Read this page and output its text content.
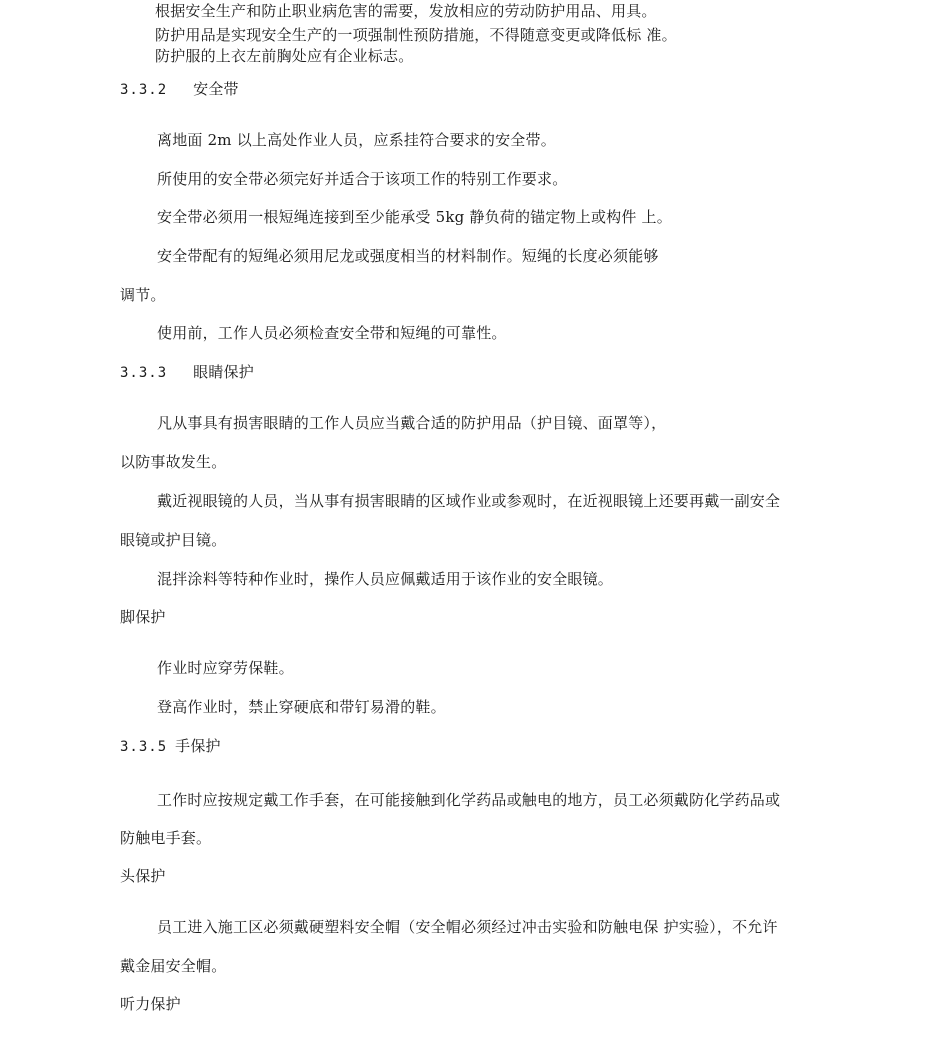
根据安全生产和防止职业病危害的需要，发放相应的劳动防护用品、用具。
防护用品是实现安全生产的一项强制性预防措施，不得随意变更或降低标 准。
防护服的上衣左前胸处应有企业标志。
3.3.2 安全带
离地面 2m 以上高处作业人员，应系挂符合要求的安全带。
所使用的安全带必须完好并适合于该项工作的特别工作要求。
安全带必须用一根短绳连接到至少能承受 5kg 静负荷的锚定物上或构件 上。
安全带配有的短绳必须用尼龙或强度相当的材料制作。短绳的长度必须能够
调节。
使用前，工作人员必须检查安全带和短绳的可靠性。
3.3.3 眼睛保护
凡从事具有损害眼睛的工作人员应当戴合适的防护用品（护目镜、面罩等），
以防事故发生。
戴近视眼镜的人员，当从事有损害眼睛的区域作业或参观时，在近视眼镜上还要再戴一副安全
眼镜或护目镜。
混拌涂料等特种作业时，操作人员应佩戴适用于该作业的安全眼镜。
脚保护
作业时应穿劳保鞋。
登高作业时，禁止穿硬底和带钉易滑的鞋。
3.3.5 手保护
工作时应按规定戴工作手套，在可能接触到化学药品或触电的地方，员工必须戴防化学药品或
防触电手套。
头保护
员工进入施工区必须戴硬塑料安全帽（安全帽必须经过冲击实验和防触电保 护实验），不允许
戴金届安全帽。
听力保护
